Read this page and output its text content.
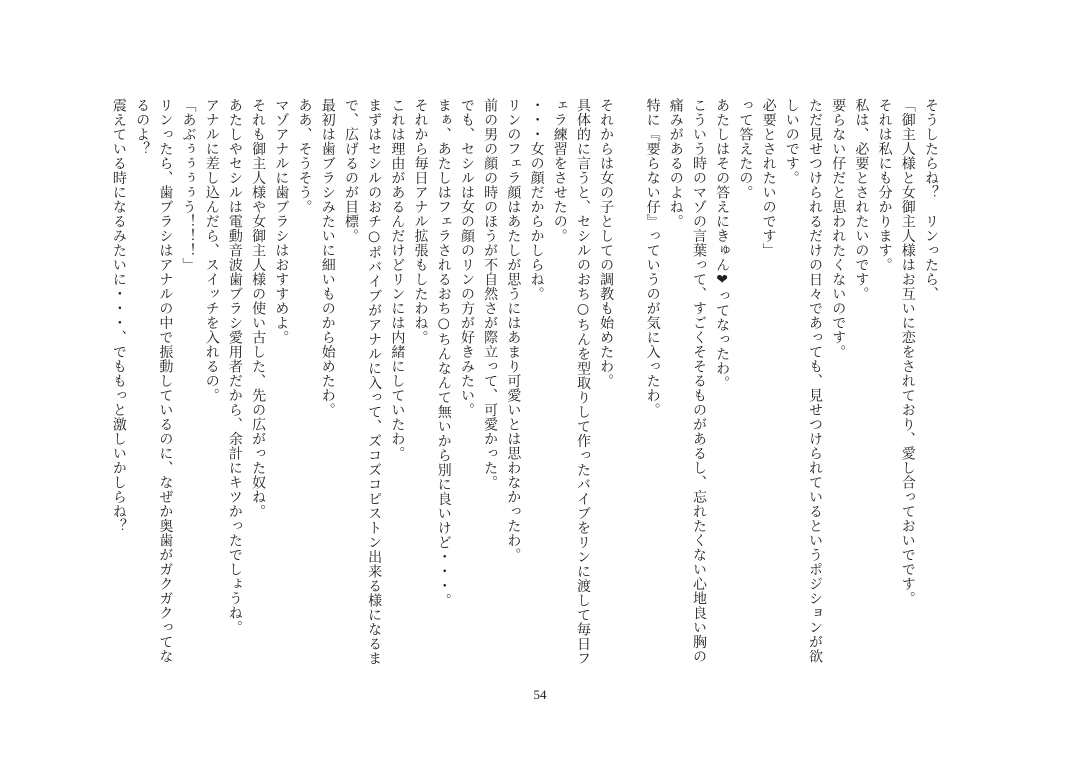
そうしたらね？　リンったら、
「御主人様と女御主人様はお互いに恋をされており、愛し合っておいでです。
それは私にも分かります。
私は、必要とされたいのです。
要らない仔だと思われたくないのです。
ただ見せつけられるだけの日々であっても、見せつけられているというポジションが欲
しいのです。
必要とされたいのです」
って答えたの。
あたしはその答えにきゅん❤ってなったわ。
こういう時のマゾの言葉って、すごくそそるものがあるし、忘れたくない心地良い胸の
痛みがあるのよね。
特に『要らない仔』っていうのが気に入ったわ。
それからは女の子としての調教も始めたわ。
具体的に言うと、セシルのおち○ちんを型取りして作ったバイブをリンに渡して毎日フ
ェラ練習をさせたの。
・・・女の顔だからかしらね。
リンのフェラ顔はあたしが思うにはあまり可愛いとは思わなかったわ。
前の男の顔の時のほうが不自然さが際立って、可愛かった。
でも、セシルは女の顔のリンの方が好きみたい。
まぁ、あたしはフェラされるおち○ちんなんて無いから別に良いけど・・・。
それから毎日アナル拡張もしたわね。
これは理由があるんだけどリンには内緒にしていたわ。
まずはセシルのおチ○ポバイブがアナルに入って、ズコズコピストン出来る様になるま
で、広げるのが目標。
最初は歯ブラシみたいに細いものから始めたわ。
ああ、そうそう。
マゾアナルに歯ブラシはおすすめよ。
それも御主人様や女御主人様の使い古した、先の広がった奴ね。
あたしやセシルは電動音波歯ブラシ愛用者だから、余計にキツかったでしょうね。
アナルに差し込んだら、スイッチを入れるの。
「あぶぅぅぅぅう！！！」
リンったら、歯ブラシはアナルの中で振動しているのに、なぜか奥歯がガクガクってな
るのよ？
震えている時になるみたいに・・・、でももっと激しいかしらね？
54
